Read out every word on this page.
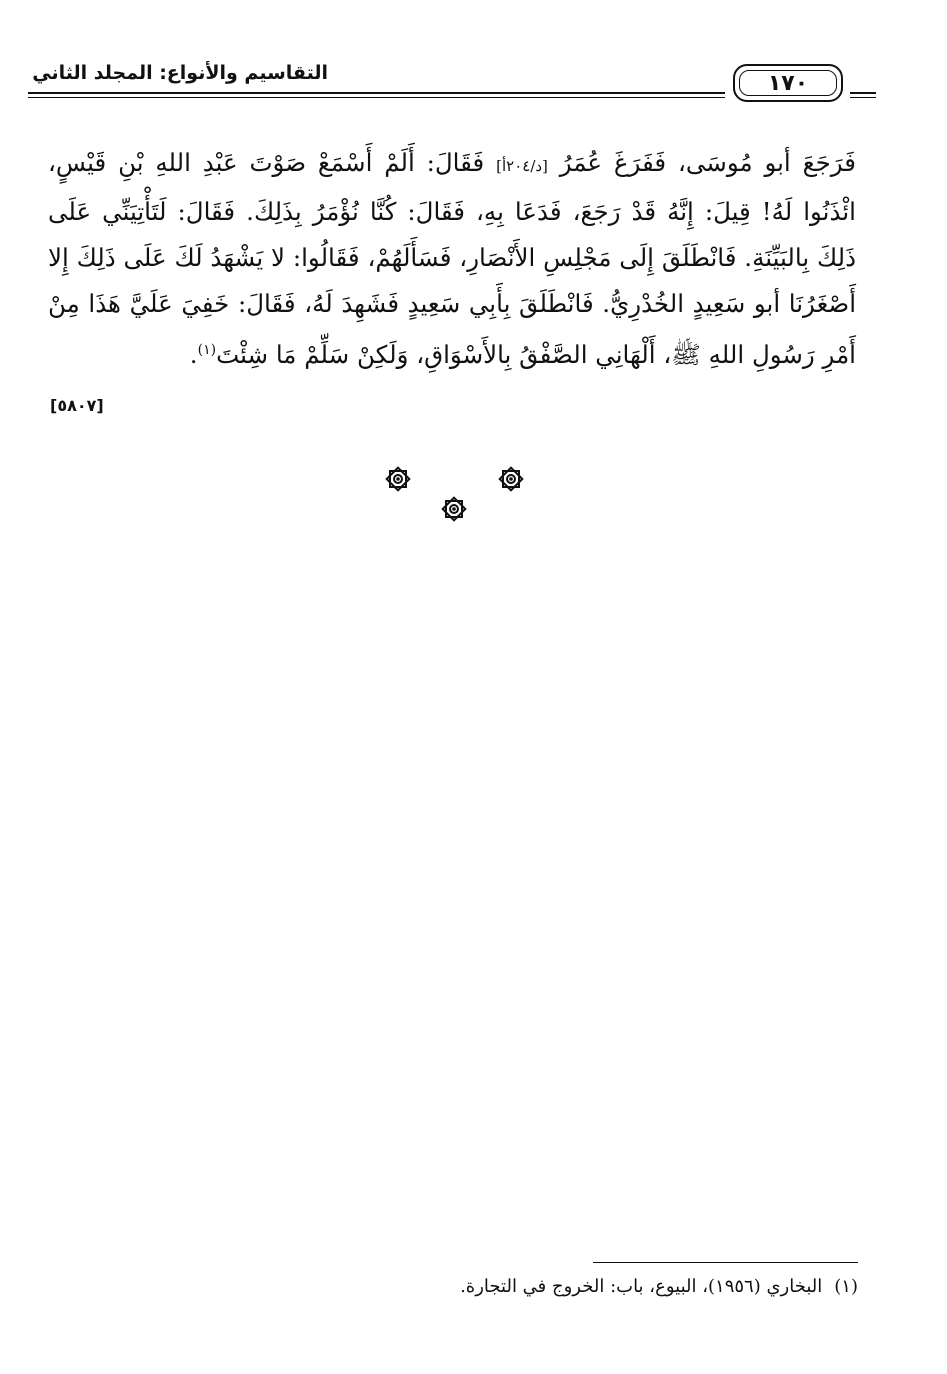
التقاسيم والأنواع: المجلد الثاني	١٧٠
فَرَجَعَ أبو مُوسَى، فَفَرَغَ عُمَرُ [د/٢٠٤أ] فَقَالَ: أَلَمْ أَسْمَعْ صَوْتَ عَبْدِ اللهِ بْنِ قَيْسٍ، ائْذَنُوا لَهُ! قِيلَ: إِنَّهُ قَدْ رَجَعَ، فَدَعَا بِهِ، فَقَالَ: كُنَّا نُؤْمَرُ بِذَلِكَ. فَقَالَ: لَتَأْتِيَنِّي عَلَى ذَلِكَ بِالبَيِّنَةِ. فَانْطَلَقَ إِلَى مَجْلِسِ الأَنْصَارِ، فَسَأَلَهُمْ، فَقَالُوا: لا يَشْهَدُ لَكَ عَلَى ذَلِكَ إِلا أَصْغَرُنَا أبو سَعِيدٍ الخُدْرِيُّ. فَانْطَلَقَ بِأَبِي سَعِيدٍ فَشَهِدَ لَهُ، فَقَالَ: خَفِيَ عَلَيَّ هَذَا مِنْ أَمْرِ رَسُولِ اللهِ ﷺ، أَلْهَانِي الصَّفْقُ بِالأَسْوَاقِ، وَلَكِنْ سَلِّمْ مَا شِئْتَ$^{(١)}$.
[٥٨٠٧]
(١)البخاري (١٩٥٦)، البيوع، باب: الخروج في التجارة.
